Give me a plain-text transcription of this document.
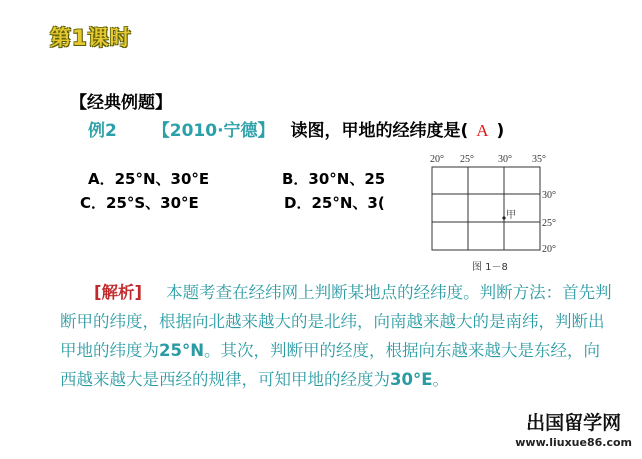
第1课时
【经典例题】
例2 【2010·宁德】 读图，甲地的经纬度是( A )
A．25°N、30°E	B．30°N、25
C．25°S、30°E	D．25°N、3(
20° 25° 30° 35°
30°
25°
20°
甲
图 1－8

[解析] 本题考查在经纬网上判断某地点的经纬度。判断方法：首先判断甲的纬度，根据向北越来越大的是北纬，向南越来越大的是南纬，判断出甲地的纬度为25°N。其次，判断甲的经度，根据向东越来越大是东经，向西越来越大是西经的规律，可知甲地的经度为30°E。

出国留学网
www.liuxue86.com
